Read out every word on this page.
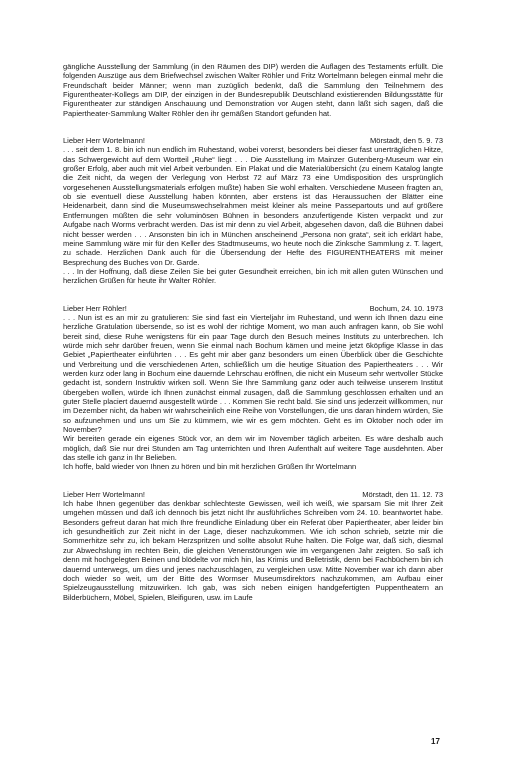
gängliche Ausstellung der Sammlung (in den Räumen des DIP) werden die Auflagen des Testaments erfüllt. Die folgenden Auszüge aus dem Briefwechsel zwischen Walter Röhler und Fritz Wortelmann belegen einmal mehr die Freundschaft beider Männer; wenn man zuzüglich bedenkt, daß die Sammlung den Teilnehmern des Figurentheater-Kollegs am DIP, der einzigen in der Bundesrepublik Deutschland existierenden Bildungsstätte für Figurentheater zur ständigen Anschauung und Demonstration vor Augen steht, dann läßt sich sagen, daß die Papiertheater-Sammlung Walter Röhler den ihr gemäßen Standort gefunden hat.

Lieber Herr Wortelmann!	Mörstadt, den 5. 9. 73

. . . seit dem 1. 8. bin ich nun endlich im Ruhestand, wobei vorerst, besonders bei dieser fast unerträglichen Hitze, das Schwergewicht auf dem Wortteil „Ruhe“ liegt . . . Die Ausstellung im Mainzer Gutenberg-Museum war ein großer Erfolg, aber auch mit viel Arbeit verbunden. Ein Plakat und die Materialübersicht (zu einem Katalog langte die Zeit nicht, da wegen der Verlegung von Herbst 72 auf März 73 eine Umdisposition des ursprünglich vorgesehenen Ausstellungsmaterials erfolgen mußte) haben Sie wohl erhalten. Verschiedene Museen fragten an, ob sie eventuell diese Ausstellung haben könnten, aber erstens ist das Heraussuchen der Blätter eine Heidenarbeit, dann sind die Museumswechselrahmen meist kleiner als meine Passepartouts und auf größere Entfernungen müßten die sehr voluminösen Bühnen in besonders anzufertigende Kisten verpackt und zur Aufgabe nach Worms verbracht werden. Das ist mir denn zu viel Arbeit, abgesehen davon, daß die Bühnen dabei nicht besser werden . . . Ansonsten bin ich in München anscheinend „Persona non grata“, seit ich erklärt habe, meine Sammlung wäre mir für den Keller des Stadtmuseums, wo heute noch die Zinksche Sammlung z. T. lagert, zu schade. Herzlichen Dank auch für die Übersendung der Hefte des FIGURENTHEATERS mit meiner Besprechung des Buches von Dr. Garde.

. . . In der Hoffnung, daß diese Zeilen Sie bei guter Gesundheit erreichen, bin ich mit allen guten Wünschen und herzlichen Grüßen für heute ihr Walter Röhler.

Lieber Herr Röhler!	Bochum, 24. 10. 1973

. . . Nun ist es an mir zu gratulieren: Sie sind fast ein Vierteljahr im Ruhestand, und wenn ich Ihnen dazu eine herzliche Gratulation übersende, so ist es wohl der richtige Moment, wo man auch anfragen kann, ob Sie wohl bereit sind, diese Ruhe wenigstens für ein paar Tage durch den Besuch meines Instituts zu unterbrechen. Ich würde mich sehr darüber freuen, wenn Sie einmal nach Bochum kämen und meine jetzt 6köpfige Klasse in das Gebiet „Papiertheater einführten . . . Es geht mir aber ganz besonders um einen Überblick über die Geschichte und Verbreitung und die verschiedenen Arten, schließlich um die heutige Situation des Papiertheaters . . . Wir werden kurz oder lang in Bochum eine dauernde Lehrschau eröffnen, die nicht ein Museum sehr wertvoller Stücke gedacht ist, sondern Instruktiv wirken soll. Wenn Sie Ihre Sammlung ganz oder auch teilweise unserem Institut übergeben wollen, würde ich Ihnen zunächst einmal zusagen, daß die Sammlung geschlossen erhalten und an guter Stelle placiert dauernd ausgestellt würde . . . Kommen Sie recht bald. Sie sind uns jederzeit willkommen, nur im Dezember nicht, da haben wir wahrscheinlich eine Reihe von Vorstellungen, die uns daran hindern würden, Sie so aufzunehmen und uns um Sie zu kümmern, wie wir es gern möchten. Geht es im Oktober noch oder im November?

Wir bereiten gerade ein eigenes Stück vor, an dem wir im November täglich arbeiten. Es wäre deshalb auch möglich, daß Sie nur drei Stunden am Tag unterrichten und Ihren Aufenthalt auf weitere Tage ausdehnten. Aber das stelle ich ganz in Ihr Belieben.

Ich hoffe, bald wieder von Ihnen zu hören und bin mit herzlichen Grüßen Ihr Wortelmann

Lieber Herr Wortelmann!	Mörstadt, den 11. 12. 73

Ich habe Ihnen gegenüber das denkbar schlechteste Gewissen, weil ich weiß, wie sparsam Sie mit Ihrer Zeit umgehen müssen und daß ich dennoch bis jetzt nicht Ihr ausführliches Schreiben vom 24. 10. beantwortet habe. Besonders gefreut daran hat mich Ihre freundliche Einladung über ein Referat über Papiertheater, aber leider bin ich gesundheitlich zur Zeit nicht in der Lage, dieser nachzukommen. Wie ich schon schrieb, setzte mir die Sommerhitze sehr zu, ich bekam Herzspritzen und sollte absolut Ruhe halten. Die Folge war, daß sich, diesmal zur Abwechslung im rechten Bein, die gleichen Venenstörungen wie im vergangenen Jahr zeigten. So saß ich denn mit hochgelegten Beinen und blödelte vor mich hin, las Krimis und Belletristik, denn bei Fachbüchern bin ich dauernd unterwegs, um dies und jenes nachzuschlagen, zu vergleichen usw. Mitte November war ich dann aber doch wieder so weit, um der Bitte des Wormser Museumsdirektors nachzukommen, am Aufbau einer Spielzeugausstellung mitzuwirken. Ich gab, was sich neben einigen handgefertigten Puppentheatern an Bilderbüchern, Möbel, Spielen, Bleifiguren, usw. im Laufe

17
